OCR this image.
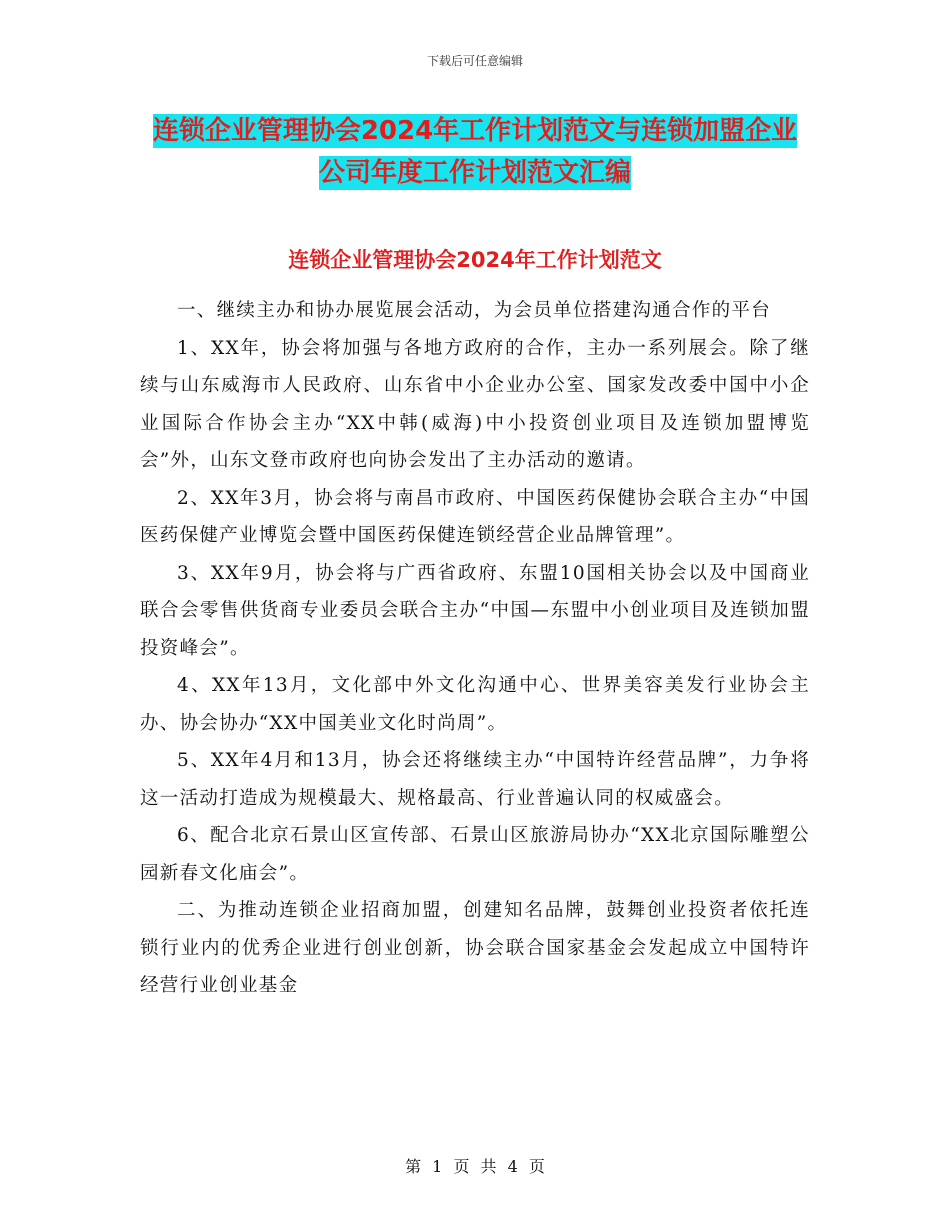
下载后可任意编辑
连锁企业管理协会2024年工作计划范文与连锁加盟企业公司年度工作计划范文汇编
连锁企业管理协会2024年工作计划范文

一、继续主办和协办展览展会活动，为会员单位搭建沟通合作的平台

1、XX年，协会将加强与各地方政府的合作，主办一系列展会。除了继续与山东威海市人民政府、山东省中小企业办公室、国家发改委中国中小企业国际合作协会主办“XX中韩(威海)中小投资创业项目及连锁加盟博览会”外，山东文登市政府也向协会发出了主办活动的邀请。

2、XX年3月，协会将与南昌市政府、中国医药保健协会联合主办“中国医药保健产业博览会暨中国医药保健连锁经营企业品牌管理”。

3、XX年9月，协会将与广西省政府、东盟10国相关协会以及中国商业联合会零售供货商专业委员会联合主办“中国—东盟中小创业项目及连锁加盟投资峰会”。

4、XX年13月，文化部中外文化沟通中心、世界美容美发行业协会主办、协会协办“XX中国美业文化时尚周”。

5、XX年4月和13月，协会还将继续主办“中国特许经营品牌”，力争将这一活动打造成为规模最大、规格最高、行业普遍认同的权威盛会。

6、配合北京石景山区宣传部、石景山区旅游局协办“XX北京国际雕塑公园新春文化庙会”。

二、为推动连锁企业招商加盟，创建知名品牌，鼓舞创业投资者依托连锁行业内的优秀企业进行创业创新，协会联合国家基金会发起成立中国特许经营行业创业基金

第 1 页 共 4 页
